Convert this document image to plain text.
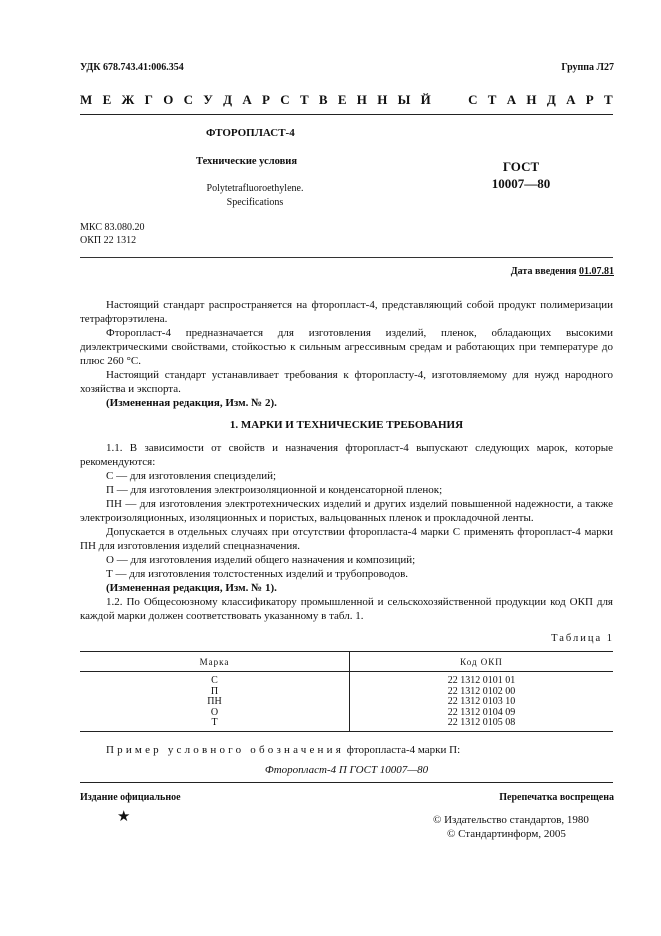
УДК 678.743.41:006.354	Группа Л27
М Е Ж Г О С У Д А Р С Т В Е Н Н Ы Й

	С Т А Н Д А Р Т
ФТОРОПЛАСТ-4
Технические условия
Polytetrafluoroethylene.
Specifications
ГОСТ
10007—80
МКС 83.080.20
ОКП 22 1312
Дата введения 01.07.81

Настоящий стандарт распространяется на фторопласт-4, представляющий собой продукт полимеризации тетрафторэтилена.

Фторопласт-4 предназначается для изготовления изделий, пленок, обладающих высокими диэлектрическими свойствами, стойкостью к сильным агрессивным средам и работающих при температуре до плюс 260 °С.

Настоящий стандарт устанавливает требования к фторопласту-4, изготовляемому для нужд народного хозяйства и экспорта.

(Измененная редакция, Изм. № 2).

1. МАРКИ И ТЕХНИЧЕСКИЕ ТРЕБОВАНИЯ

1.1. В зависимости от свойств и назначения фторопласт-4 выпускают следующих марок, которые рекомендуются:

С — для изготовления специзделий;

П — для изготовления электроизоляционной и конденсаторной пленок;

ПН — для изготовления электротехнических изделий и других изделий повышенной надежности, а также электроизоляционных, изоляционных и пористых, вальцованных пленок и прокладочной ленты.

Допускается в отдельных случаях при отсутствии фторопласта-4 марки С применять фторопласт-4 марки ПН для изготовления изделий спецназначения.

О — для изготовления изделий общего назначения и композиций;

Т — для изготовления толстостенных изделий и трубопроводов.

(Измененная редакция, Изм. № 1).

1.2. По Общесоюзному классификатору промышленной и сельскохозяйственной продукции код ОКП для каждой марки должен соответствовать указанному в табл. 1.

Таблица 1
Марка	Код ОКП
С	22 1312 0101 01
П	22 1312 0102 00
ПН	22 1312 0103 10
О	22 1312 0104 09
Т	22 1312 0105 08
Пример условного обозначения фторопласта-4 марки П:
Фторопласт-4 П ГОСТ 10007—80
Издание официальное	Перепечатка воспрещена
★	© Издательство стандартов, 1980
© Стандартинформ, 2005
